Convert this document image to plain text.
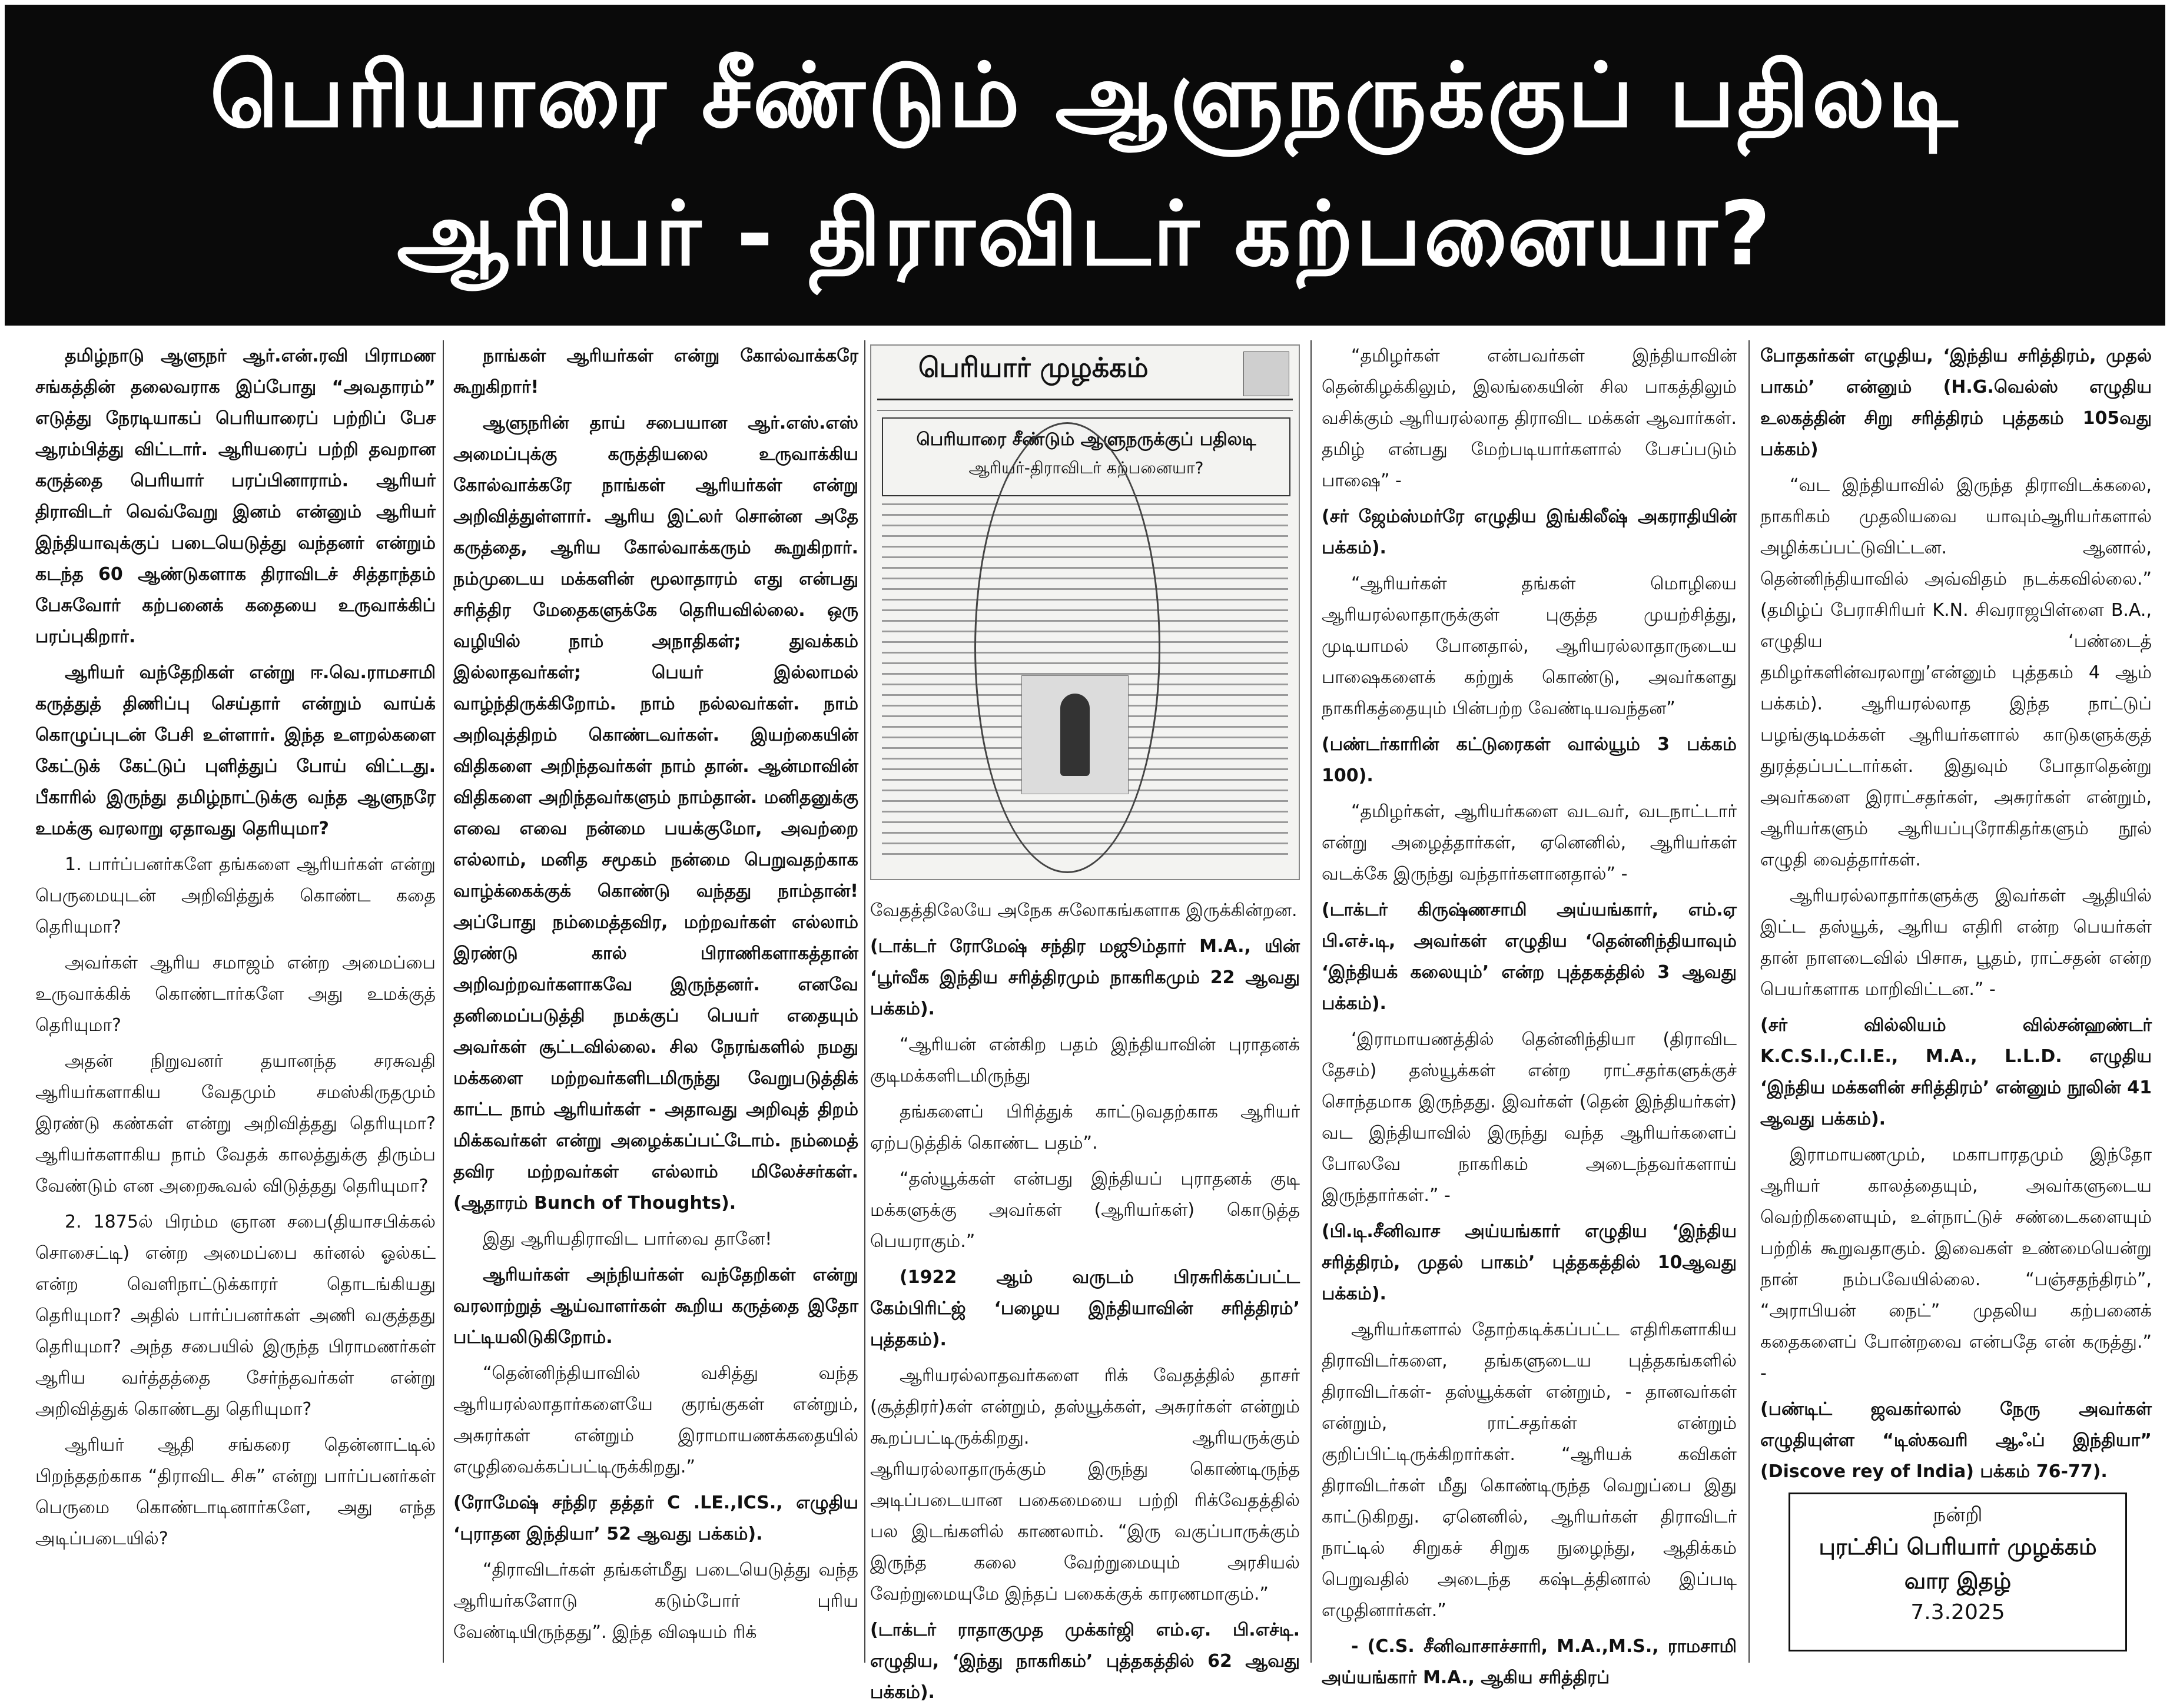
பெரியாரை சீண்டும் ஆளுநருக்குப் பதிலடி
ஆரியர் - திராவிடர் கற்பனையா?

தமிழ்நாடு ஆளுநர் ஆர்.என்.ரவி பிராமண சங்கத்தின் தலைவராக இப்போது “அவதாரம்” எடுத்து நேரடியாகப் பெரியாரைப் பற்றிப் பேச ஆரம்பித்து விட்டார். ஆரியரைப் பற்றி தவறான கருத்தை பெரியார் பரப்பினாராம். ஆரியர் திராவிடர் வெவ்வேறு இனம் என்னும் ஆரியர் இந்தியாவுக்குப் படையெடுத்து வந்தனர் என்றும் கடந்த 60 ஆண்டுகளாக திராவிடச் சித்தாந்தம் பேசுவோர் கற்பனைக் கதையை உருவாக்கிப் பரப்புகிறார்.

ஆரியர் வந்தேறிகள் என்று ஈ.வெ.ராமசாமி கருத்துத் திணிப்பு செய்தார் என்றும் வாய்க் கொழுப்புடன் பேசி உள்ளார். இந்த உளறல்களை கேட்டுக் கேட்டுப் புளித்துப் போய் விட்டது. பீகாரில் இருந்து தமிழ்நாட்டுக்கு வந்த ஆளுநரே உமக்கு வரலாறு ஏதாவது தெரியுமா?

1. பார்ப்பனர்களே தங்களை ஆரியர்கள் என்று பெருமையுடன் அறிவித்துக் கொண்ட கதை தெரியுமா?

அவர்கள் ஆரிய சமாஜம் என்ற அமைப்பை உருவாக்கிக் கொண்டார்களே அது உமக்குத் தெரியுமா?

அதன் நிறுவனர் தயானந்த சரசுவதி ஆரியர்களாகிய வேதமும் சமஸ்கிருதமும் இரண்டு கண்கள் என்று அறிவித்தது தெரியுமா? ஆரியர்களாகிய நாம் வேதக் காலத்துக்கு திரும்ப வேண்டும் என அறைகூவல் விடுத்தது தெரியுமா?

2. 1875ல் பிரம்ம ஞான சபை(தியாசபிக்கல் சொசைட்டி) என்ற அமைப்பை கர்னல் ஓல்கட் என்ற வெளிநாட்டுக்காரர் தொடங்கியது தெரியுமா? அதில் பார்ப்பனர்கள் அணி வகுத்தது தெரியுமா? அந்த சபையில் இருந்த பிராமணர்கள் ஆரிய வர்த்தத்தை சேர்ந்தவர்கள் என்று அறிவித்துக் கொண்டது தெரியுமா?

ஆரியர் ஆதி சங்கரை தென்னாட்டில் பிறந்ததற்காக “திராவிட சிசு” என்று பார்ப்பனர்கள் பெருமை கொண்டாடினார்களே, அது எந்த அடிப்படையில்?

நாங்கள் ஆரியர்கள் என்று கோல்வாக்கரே கூறுகிறார்!

ஆளுநரின் தாய் சபையான ஆர்.எஸ்.எஸ் அமைப்புக்கு கருத்தியலை உருவாக்கிய கோல்வாக்கரே நாங்கள் ஆரியர்கள் என்று அறிவித்துள்ளார். ஆரிய இட்லர் சொன்ன அதே கருத்தை, ஆரிய கோல்வாக்கரும் கூறுகிறார். நம்முடைய மக்களின் மூலாதாரம் எது என்பது சரித்திர மேதைகளுக்கே தெரியவில்லை. ஒரு வழியில் நாம் அநாதிகள்; துவக்கம் இல்லாதவர்கள்; பெயர் இல்லாமல் வாழ்ந்திருக்கிறோம். நாம் நல்லவர்கள். நாம் அறிவுத்திறம் கொண்டவர்கள். இயற்கையின் விதிகளை அறிந்தவர்கள் நாம் தான். ஆன்மாவின் விதிகளை அறிந்தவர்களும் நாம்தான். மனிதனுக்கு எவை எவை நன்மை பயக்குமோ, அவற்றை எல்லாம், மனித சமூகம் நன்மை பெறுவதற்காக வாழ்க்கைக்குக் கொண்டு வந்தது நாம்தான்! அப்போது நம்மைத்தவிர, மற்றவர்கள் எல்லாம் இரண்டு கால் பிராணிகளாகத்தான் அறிவற்றவர்களாகவே இருந்தனர். எனவே தனிமைப்படுத்தி நமக்குப் பெயர் எதையும் அவர்கள் சூட்டவில்லை. சில நேரங்களில் நமது மக்களை மற்றவர்களிடமிருந்து வேறுபடுத்திக் காட்ட நாம் ஆரியர்கள் - அதாவது அறிவுத் திறம் மிக்கவர்கள் என்று அழைக்கப்பட்டோம். நம்மைத் தவிர மற்றவர்கள் எல்லாம் மிலேச்சர்கள். (ஆதாரம் Bunch of Thoughts).

இது ஆரியதிராவிட பார்வை தானே!

ஆரியர்கள் அந்நியர்கள் வந்தேறிகள் என்று வரலாற்றுத் ஆய்வாளர்கள் கூறிய கருத்தை இதோ பட்டியலிடுகிறோம்.

“தென்னிந்தியாவில் வசித்து வந்த ஆரியரல்லாதார்களையே குரங்குகள் என்றும், அசுரர்கள் என்றும் இராமாயணக்கதையில் எழுதிவைக்கப்பட்டிருக்கிறது.”

(ரோமேஷ் சந்திர தத்தர் C .LE.,ICS., எழுதிய ‘புராதன இந்தியா’ 52 ஆவது பக்கம்).

“திராவிடர்கள் தங்கள்மீது படையெடுத்து வந்த ஆரியர்களோடு கடும்போர் புரிய வேண்டியிருந்தது”. இந்த விஷயம் ரிக்

பெரியார் முழக்கம்
பெரியாரை சீண்டும் ஆளுநருக்குப் பதிலடி
ஆரியர்-திராவிடர் கற்பனையா?

வேதத்திலேயே அநேக சுலோகங்களாக இருக்கின்றன.

(டாக்டர் ரோமேஷ் சந்திர மஜூம்தார் M.A., யின் ‘பூர்வீக இந்திய சரித்திரமும் நாகரிகமும் 22 ஆவது பக்கம்).

“ஆரியன் என்கிற பதம் இந்தியாவின் புராதனக் குடிமக்களிடமிருந்து

தங்களைப் பிரித்துக் காட்டுவதற்காக ஆரியர் ஏற்படுத்திக் கொண்ட பதம்”.

“தஸ்யூக்கள் என்பது இந்தியப் புராதனக் குடி மக்களுக்கு அவர்கள் (ஆரியர்கள்) கொடுத்த பெயராகும்.”

(1922 ஆம் வருடம் பிரசுரிக்கப்பட்ட கேம்பிரிட்ஜ் ‘பழைய இந்தியாவின் சரித்திரம்’ புத்தகம்).

ஆரியரல்லாதவர்களை ரிக் வேதத்தில் தாசர் (சூத்திரர்)கள் என்றும், தஸ்யூக்கள், அசுரர்கள் என்றும் கூறப்பட்டிருக்கிறது. ஆரியருக்கும் ஆரியரல்லாதாருக்கும் இருந்து கொண்டிருந்த அடிப்படையான பகைமையை பற்றி ரிக்வேதத்தில் பல இடங்களில் காணலாம். “இரு வகுப்பாருக்கும் இருந்த கலை வேற்றுமையும் அரசியல் வேற்றுமையுமே இந்தப் பகைக்குக் காரணமாகும்.”

(டாக்டர் ராதாகுமுத முக்கர்ஜி எம்.ஏ. பி.எச்டி. எழுதிய, ‘இந்து நாகரிகம்’ புத்தகத்தில் 62 ஆவது பக்கம்).

“தமிழர்கள் என்பவர்கள் இந்தியாவின் தென்கிழக்கிலும், இலங்கையின் சில பாகத்திலும் வசிக்கும் ஆரியரல்லாத திராவிட மக்கள் ஆவார்கள். தமிழ் என்பது மேற்படியார்களால் பேசப்படும் பாஷை” -

(சர் ஜேம்ஸ்மர்ரே எழுதிய இங்கிலீஷ் அகராதியின் பக்கம்).

“ஆரியர்கள் தங்கள் மொழியை ஆரியரல்லாதாருக்குள் புகுத்த முயற்சித்து, முடியாமல் போனதால், ஆரியரல்லாதாருடைய பாஷைகளைக் கற்றுக் கொண்டு, அவர்களது நாகரிகத்தையும் பின்பற்ற வேண்டியவந்தன”

(பண்டர்காரின் கட்டுரைகள் வால்யூம் 3 பக்கம் 100).

“தமிழர்கள், ஆரியர்களை வடவர், வடநாட்டார் என்று அழைத்தார்கள், ஏனெனில், ஆரியர்கள் வடக்கே இருந்து வந்தார்களானதால்” -

(டாக்டர் கிருஷ்ணசாமி அய்யங்கார், எம்.ஏ பி.எச்.டி, அவர்கள் எழுதிய ‘தென்னிந்தியாவும் ‘இந்தியக் கலையும்’ என்ற புத்தகத்தில் 3 ஆவது பக்கம்).

‘இராமாயணத்தில் தென்னிந்தியா (திராவிட தேசம்) தஸ்யூக்கள் என்ற ராட்சதர்களுக்குச் சொந்தமாக இருந்தது. இவர்கள் (தென் இந்தியர்கள்) வட இந்தியாவில் இருந்து வந்த ஆரியர்களைப் போலவே நாகரிகம் அடைந்தவர்களாய் இருந்தார்கள்.” -

(பி.டி.சீனிவாச அய்யங்கார் எழுதிய ‘இந்திய சரித்திரம், முதல் பாகம்’ புத்தகத்தில் 10ஆவது பக்கம்).

ஆரியர்களால் தோற்கடிக்கப்பட்ட எதிரிகளாகிய திராவிடர்களை, தங்களுடைய புத்தகங்களில் திராவிடர்கள்- தஸ்யூக்கள் என்றும், - தானவர்கள் என்றும், ராட்சதர்கள் என்றும் குறிப்பிட்டிருக்கிறார்கள். “ஆரியக் கவிகள் திராவிடர்கள் மீது கொண்டிருந்த வெறுப்பை இது காட்டுகிறது. ஏனெனில், ஆரியர்கள் திராவிடர் நாட்டில் சிறுகச் சிறுக நுழைந்து, ஆதிக்கம் பெறுவதில் அடைந்த கஷ்டத்தினால் இப்படி எழுதினார்கள்.”

- (C.S. சீனிவாசாச்சாரி, M.A.,M.S., ராமசாமி அய்யங்கார் M.A., ஆகிய சரித்திரப்

போதகர்கள் எழுதிய, ‘இந்திய சரித்திரம், முதல் பாகம்’ என்னும் (H.G.வெல்ஸ் எழுதிய உலகத்தின் சிறு சரித்திரம் புத்தகம் 105வது பக்கம்)

“வட இந்தியாவில் இருந்த திராவிடக்கலை, நாகரிகம் முதலியவை யாவும்ஆரியர்களால் அழிக்கப்பட்டுவிட்டன. ஆனால், தென்னிந்தியாவில் அவ்விதம் நடக்கவில்லை.” (தமிழ்ப் பேராசிரியர் K.N. சிவராஜபிள்ளை B.A., எழுதிய ‘பண்டைத் தமிழர்களின்வரலாறு’என்னும் புத்தகம் 4 ஆம் பக்கம்). ஆரியரல்லாத இந்த நாட்டுப் பழங்குடிமக்கள் ஆரியர்களால் காடுகளுக்குத் துரத்தப்பட்டார்கள். இதுவும் போதாதென்று அவர்களை இராட்சதர்கள், அசுரர்கள் என்றும், ஆரியர்களும் ஆரியப்புரோகிதர்களும் நூல் எழுதி வைத்தார்கள்.

ஆரியரல்லாதார்களுக்கு இவர்கள் ஆதியில் இட்ட தஸ்யூக், ஆரிய எதிரி என்ற பெயர்கள் தான் நாளடைவில் பிசாசு, பூதம், ராட்சதன் என்ற பெயர்களாக மாறிவிட்டன.” -

(சர் வில்லியம் வில்சன்ஹண்டர் K.C.S.I.,C.I.E., M.A., L.L.D. எழுதிய ‘இந்திய மக்களின் சரித்திரம்’ என்னும் நூலின் 41 ஆவது பக்கம்).

இராமாயணமும், மகாபாரதமும் இந்தோ ஆரியர் காலத்தையும், அவர்களுடைய வெற்றிகளையும், உள்நாட்டுச் சண்டைகளையும் பற்றிக் கூறுவதாகும். இவைகள் உண்மையென்று நான் நம்பவேயில்லை. “பஞ்சதந்திரம்”, “அராபியன் நைட்” முதலிய கற்பனைக் கதைகளைப் போன்றவை என்பதே என் கருத்து.” -

(பண்டிட் ஜவகர்லால் நேரு அவர்கள் எழுதியுள்ள “டிஸ்கவரி ஆஃப் இந்தியா” (Discove rey of India) பக்கம் 76-77).

நன்றி
புரட்சிப் பெரியார் முழக்கம்
வார இதழ்
7.3.2025
